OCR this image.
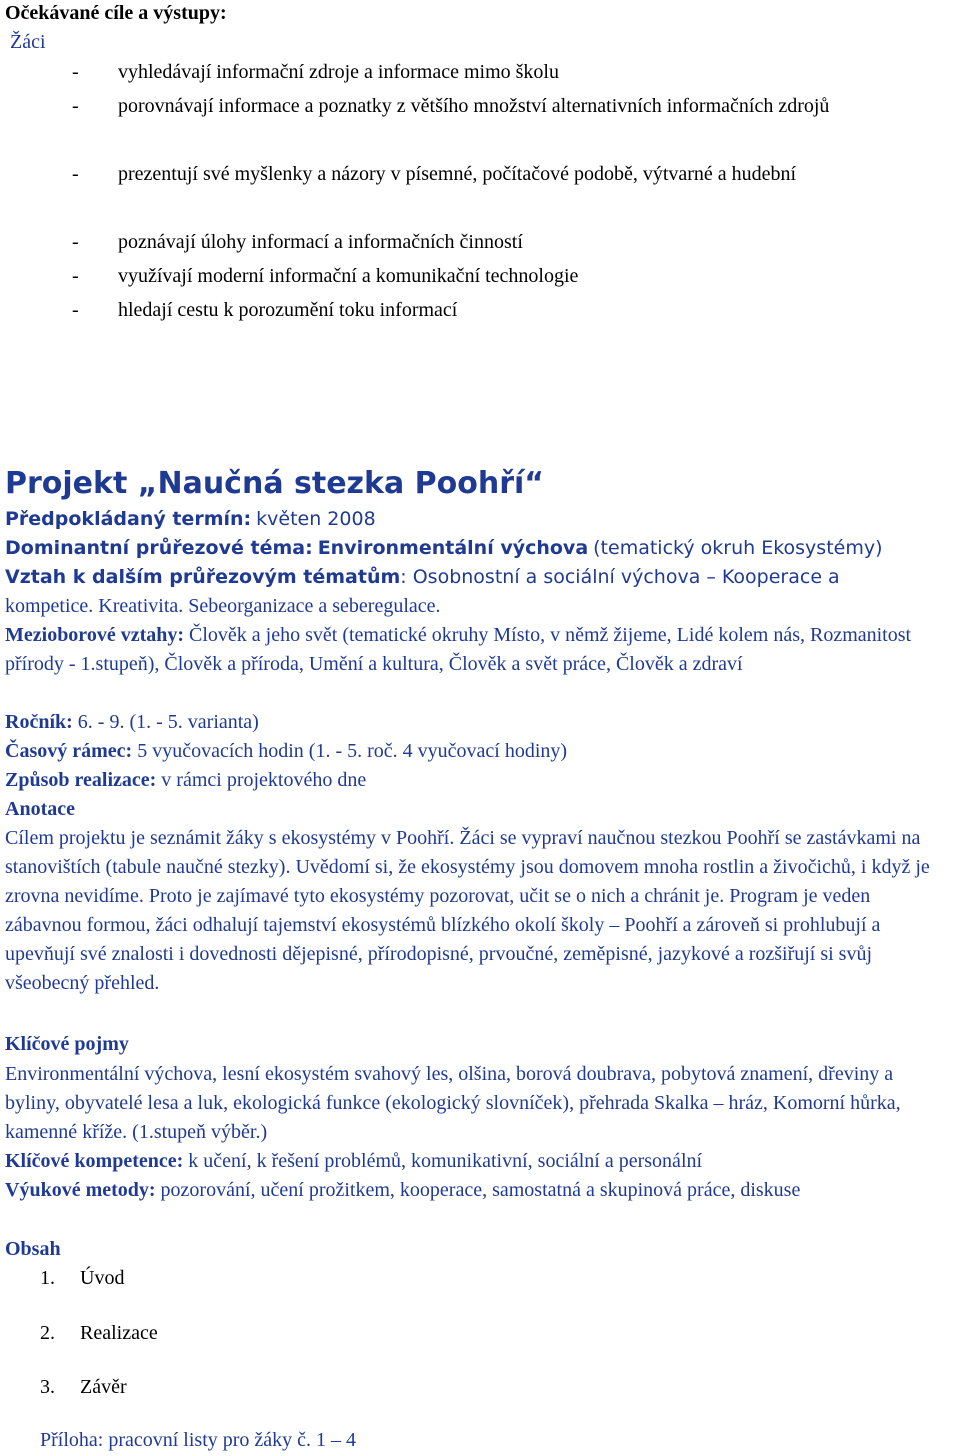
Očekávané cíle a výstupy:
Žáci
-	vyhledávají informační zdroje a informace mimo školu
-	porovnávají informace a poznatky z většího množství alternativních informačních zdrojů
-	prezentují své myšlenky a názory v písemné, počítačové podobě, výtvarné a hudební
-	poznávají úlohy informací a informačních činností
-	využívají moderní informační a komunikační technologie
-	hledají cestu k porozumění toku informací
Projekt „Naučná stezka Poohří“
Předpokládaný termín: květen 2008
Dominantní průřezové téma: Environmentální výchova (tematický okruh Ekosystémy)
Vztah k dalším průřezovým tématům: Osobnostní a sociální výchova – Kooperace a
kompetice. Kreativita. Sebeorganizace a seberegulace.
Mezioborové vztahy: Člověk a jeho svět (tematické okruhy Místo, v němž žijeme, Lidé kolem nás, Rozmanitost přírody - 1.stupeň), Člověk a příroda, Umění a kultura, Člověk a svět práce, Člověk a zdraví
Ročník: 6. - 9. (1. - 5. varianta)
Časový rámec: 5 vyučovacích hodin (1. - 5. roč. 4 vyučovací hodiny)
Způsob realizace: v rámci projektového dne
Anotace
Cílem projektu je seznámit žáky s ekosystémy v Poohří. Žáci se vypraví naučnou stezkou Poohří se zastávkami na stanovištích (tabule naučné stezky). Uvědomí si, že ekosystémy jsou domovem mnoha rostlin a živočichů, i když je zrovna nevidíme. Proto je zajímavé tyto ekosystémy pozorovat, učit se o nich a chránit je. Program je veden zábavnou formou, žáci odhalují tajemství ekosystémů blízkého okolí školy – Poohří a zároveň si prohlubují a upevňují své znalosti i dovednosti dějepisné, přírodopisné, prvoučné, zeměpisné, jazykové a rozšiřují si svůj všeobecný přehled.
Klíčové pojmy
Environmentální výchova, lesní ekosystém svahový les, olšina, borová doubrava, pobytová znamení, dřeviny a byliny, obyvatelé lesa a luk, ekologická funkce (ekologický slovníček), přehrada Skalka – hráz, Komorní hůrka, kamenné kříže. (1.stupeň výběr.)
Klíčové kompetence: k učení, k řešení problémů, komunikativní, sociální a personální
Výukové metody: pozorování, učení prožitkem, kooperace, samostatná a skupinová práce, diskuse
Obsah
1. Úvod
2. Realizace
3. Závěr
Příloha: pracovní listy pro žáky č. 1 – 4
